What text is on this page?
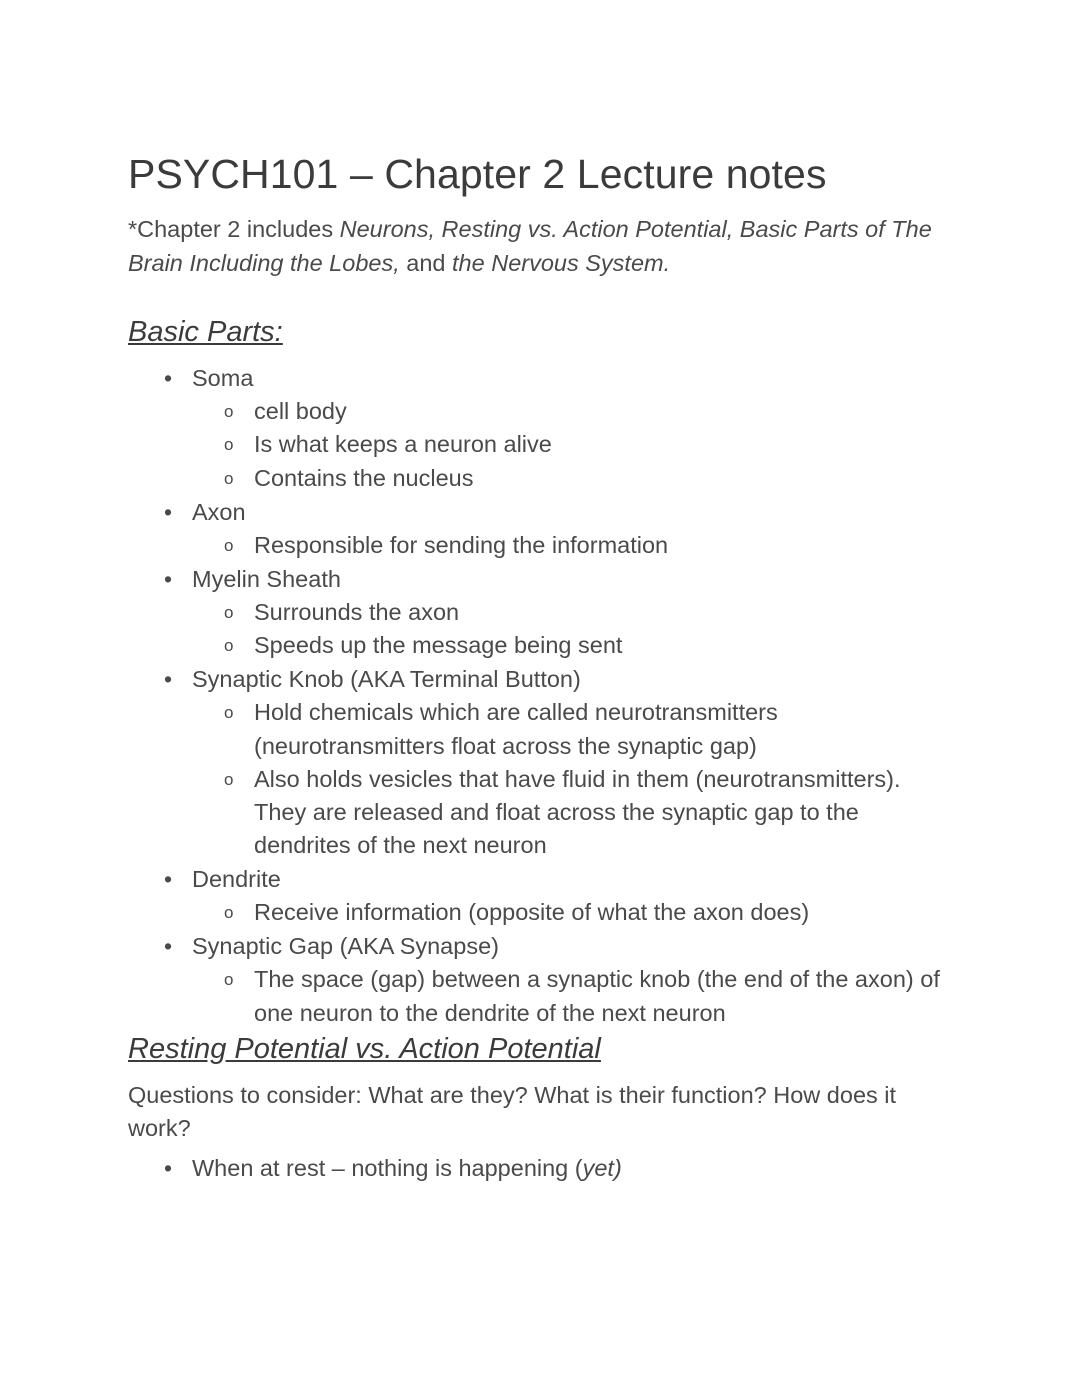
PSYCH101 – Chapter 2 Lecture notes

*Chapter 2 includes Neurons, Resting vs. Action Potential, Basic Parts of The Brain Including the Lobes, and the Nervous System.

Basic Parts:
• Soma
o cell body
o Is what keeps a neuron alive
o Contains the nucleus
• Axon
o Responsible for sending the information
• Myelin Sheath
o Surrounds the axon
o Speeds up the message being sent
• Synaptic Knob (AKA Terminal Button)
o Hold chemicals which are called neurotransmitters (neurotransmitters float across the synaptic gap)
o Also holds vesicles that have fluid in them (neurotransmitters). They are released and float across the synaptic gap to the dendrites of the next neuron
• Dendrite
o Receive information (opposite of what the axon does)
• Synaptic Gap (AKA Synapse)
o The space (gap) between a synaptic knob (the end of the axon) of one neuron to the dendrite of the next neuron
Resting Potential vs. Action Potential

Questions to consider: What are they? What is their function? How does it work?

• When at rest – nothing is happening (yet)
